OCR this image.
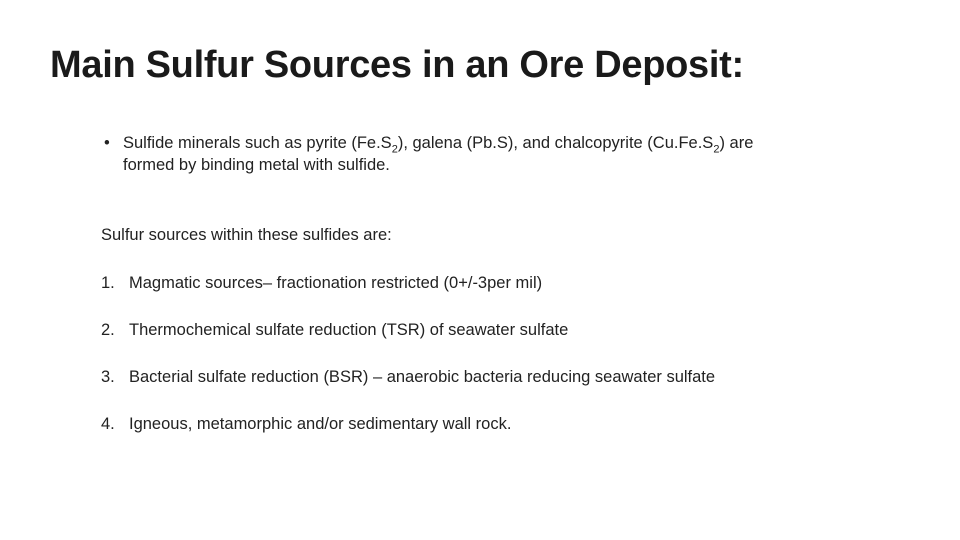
Main Sulfur Sources in an Ore Deposit:
• Sulfide minerals such as pyrite $(Fe.S_2)$, galena (Pb.S), and chalcopyrite $(Cu.Fe.S_2)$ are formed by binding metal with sulfide.
Sulfur sources within these sulfides are:
1. Magmatic sources– fractionation restricted (0+/-3per mil)
2. Thermochemical sulfate reduction (TSR) of seawater sulfate
3. Bacterial sulfate reduction (BSR) – anaerobic bacteria reducing seawater sulfate
4. Igneous, metamorphic and/or sedimentary wall rock.
